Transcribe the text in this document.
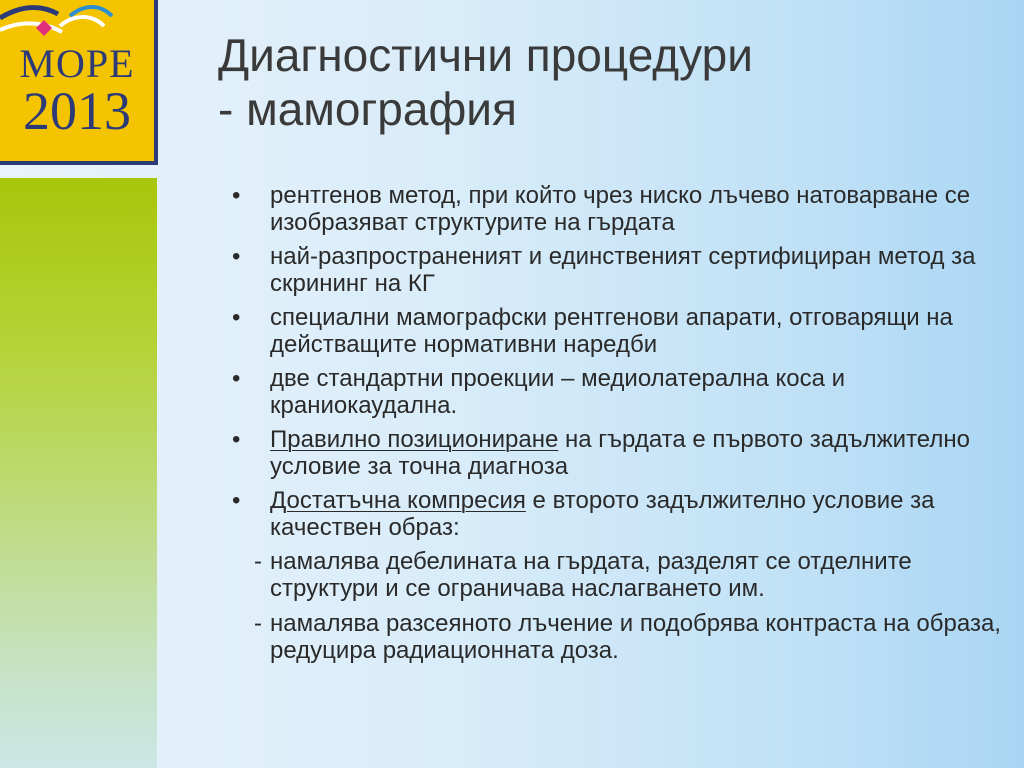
МОРЕ
2013
Диагностични процедури
- мамография
• рентгенов метод, при който чрез ниско лъчево натоварване се изобразяват структурите на гърдата
• най-разпространеният и единственият сертифициран метод за скрининг на КГ
• специални мамографски рентгенови апарати, отговарящи на действащите нормативни наредби
• две стандартни проекции – медиолатерална коса и краниокаудална.
• Правилно позициониране на гърдата е първото задължително условие за точна диагноза
• Достатъчна компресия е второто задължително условие за качествен образ:
- намалява дебелината на гърдата, разделят се отделните структури и се ограничава наслагването им.
- намалява разсеяното лъчение и подобрява контраста на образа, редуцира радиационната доза.
